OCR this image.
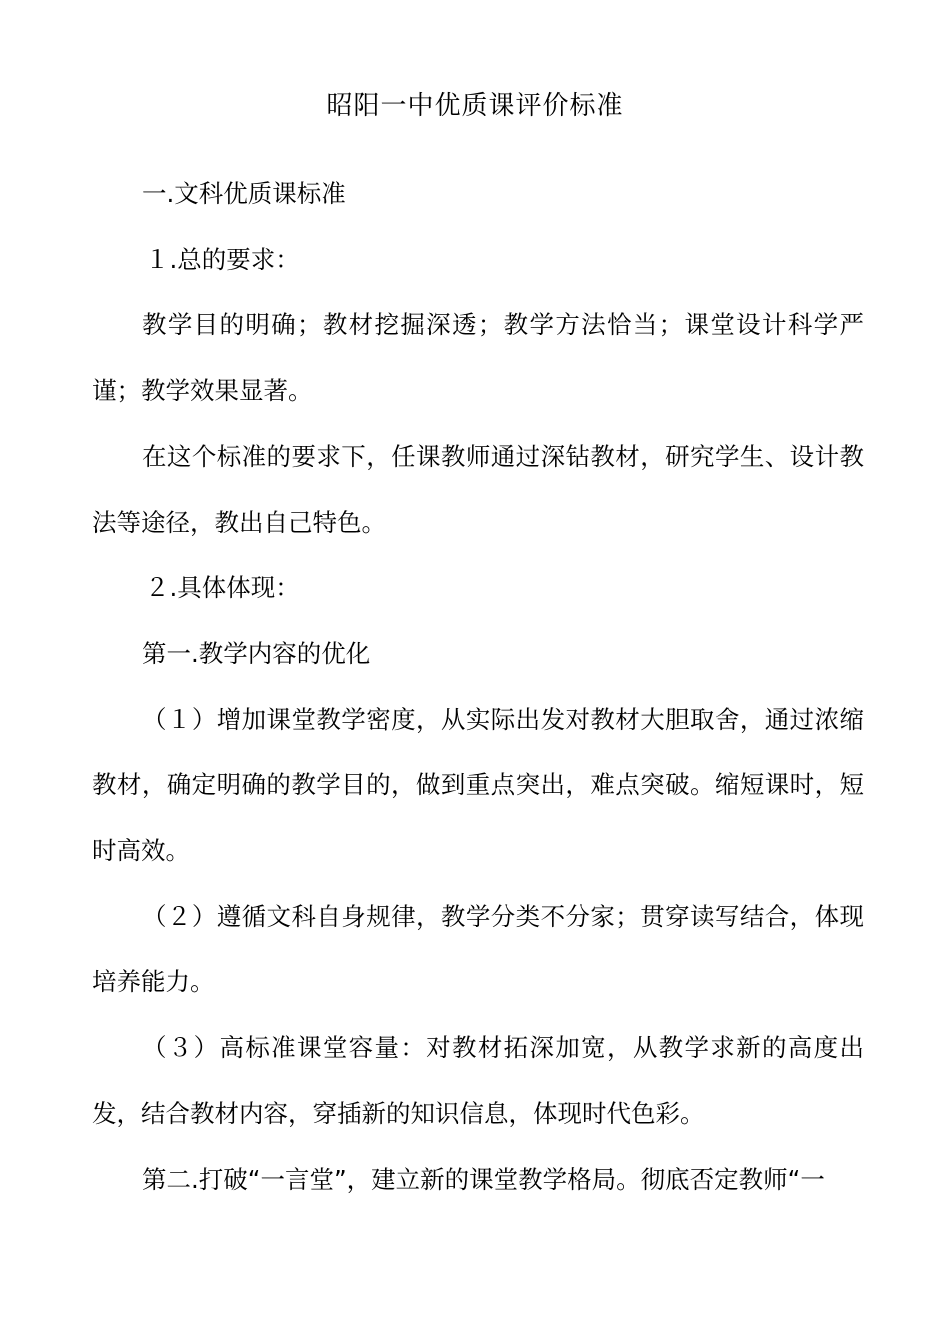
昭阳一中优质课评价标准

一.文科优质课标准

１.总的要求：

教学目的明确；教材挖掘深透；教学方法恰当；课堂设计科学严谨；教学效果显著。

在这个标准的要求下，任课教师通过深钻教材，研究学生、设计教法等途径，教出自己特色。

２.具体体现：

第一.教学内容的优化

（１）增加课堂教学密度，从实际出发对教材大胆取舍，通过浓缩教材，确定明确的教学目的，做到重点突出，难点突破。缩短课时，短时高效。

（２）遵循文科自身规律，教学分类不分家；贯穿读写结合，体现培养能力。

（３）高标准课堂容量：对教材拓深加宽，从教学求新的高度出发，结合教材内容，穿插新的知识信息，体现时代色彩。

第二.打破“一言堂”，建立新的课堂教学格局。彻底否定教师“一
